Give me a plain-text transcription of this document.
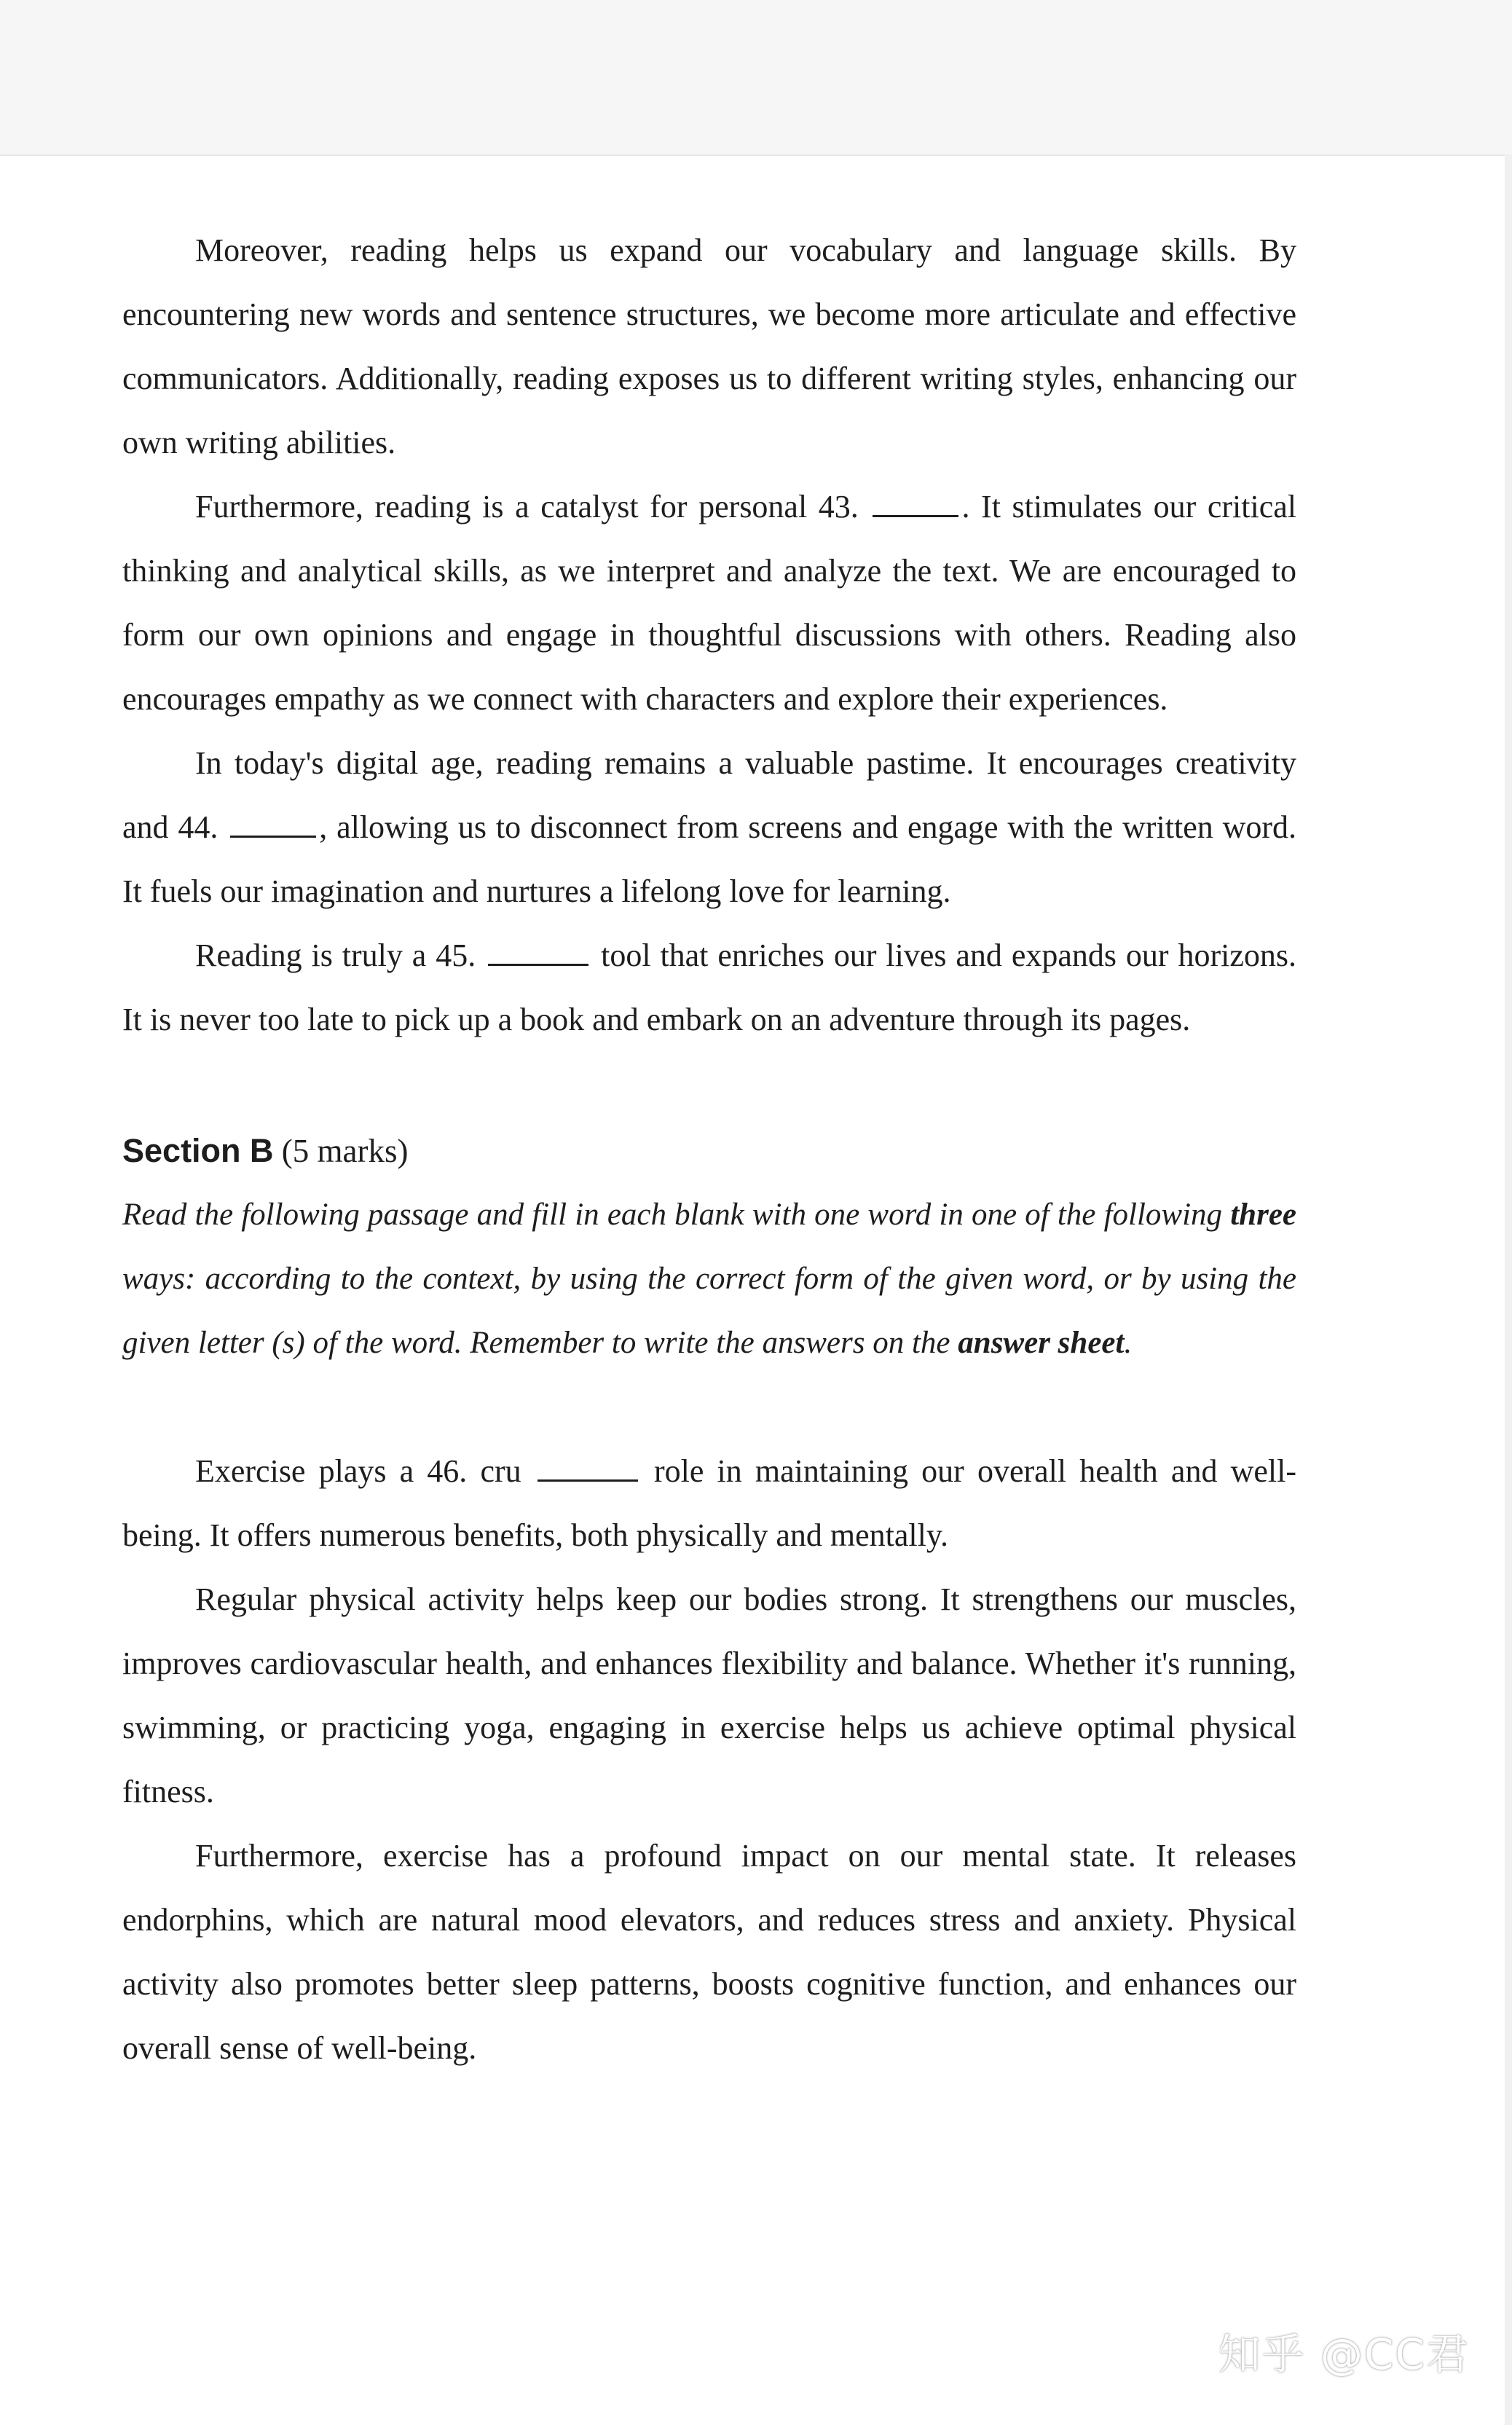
Moreover, reading helps us expand our vocabulary and language skills. By encountering new words and sentence structures, we become more articulate and effective communicators. Additionally, reading exposes us to different writing styles, enhancing our own writing abilities.

Furthermore, reading is a catalyst for personal 43.	. It stimulates our critical thinking and analytical skills, as we interpret and analyze the text. We are encouraged to form our own opinions and engage in thoughtful discussions with others. Reading also encourages empathy as we connect with characters and explore their experiences.

In today's digital age, reading remains a valuable pastime. It encourages creativity and 44.	, allowing us to disconnect from screens and engage with the written word. It fuels our imagination and nurtures a lifelong love for learning.

Reading is truly a 45.	tool that enriches our lives and expands our horizons. It is never too late to pick up a book and embark on an adventure through its pages.

Section B (5 marks)

Read the following passage and fill in each blank with one word in one of the following three ways: according to the context, by using the correct form of the given word, or by using the given letter (s) of the word. Remember to write the answers on the answer sheet.

Exercise plays a 46. cru	role in maintaining our overall health and well-being. It offers numerous benefits, both physically and mentally.

Regular physical activity helps keep our bodies strong. It strengthens our muscles, improves cardiovascular health, and enhances flexibility and balance. Whether it's running, swimming, or practicing yoga, engaging in exercise helps us achieve optimal physical fitness.

Furthermore, exercise has a profound impact on our mental state. It releases endorphins, which are natural mood elevators, and reduces stress and anxiety. Physical activity also promotes better sleep patterns, boosts cognitive function, and enhances our overall sense of well-being.

知乎 @CC君
